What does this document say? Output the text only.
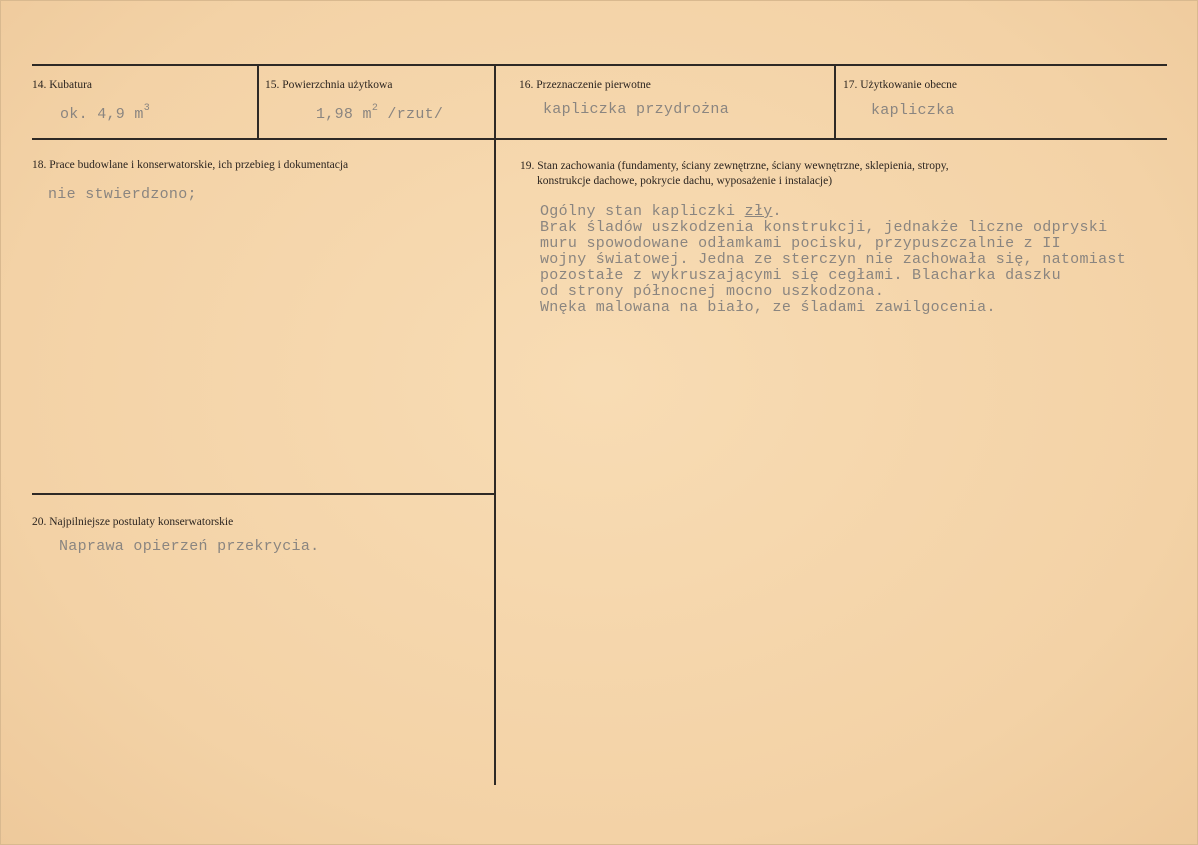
14. Kubatura
ok. 4,9 $m^3$
15. Powierzchnia użytkowa
1,98 $m^2$ /rzut/
16. Przeznaczenie pierwotne
kapliczka przydrożna
17. Użytkowanie obecne
kapliczka
18. Prace budowlane i konserwatorskie, ich przebieg i dokumentacja
nie stwierdzono;
19. Stan zachowania (fundamenty, ściany zewnętrzne, ściany wewnętrzne, sklepienia, stropy,
konstrukcje dachowe, pokrycie dachu, wyposażenie i instalacje)
Ogólny stan kapliczki zły.
Brak śladów uszkodzenia konstrukcji, jednakże liczne odpryski
muru spowodowane odłamkami pocisku, przypuszczalnie z II
wojny światowej. Jedna ze sterczyn nie zachowała się, natomiast
pozostałe z wykruszającymi się cegłami. Blacharka daszku
od strony północnej mocno uszkodzona.
Wnęka malowana na biało, ze śladami zawilgocenia.
20. Najpilniejsze postulaty konserwatorskie
Naprawa opierzeń przekrycia.
